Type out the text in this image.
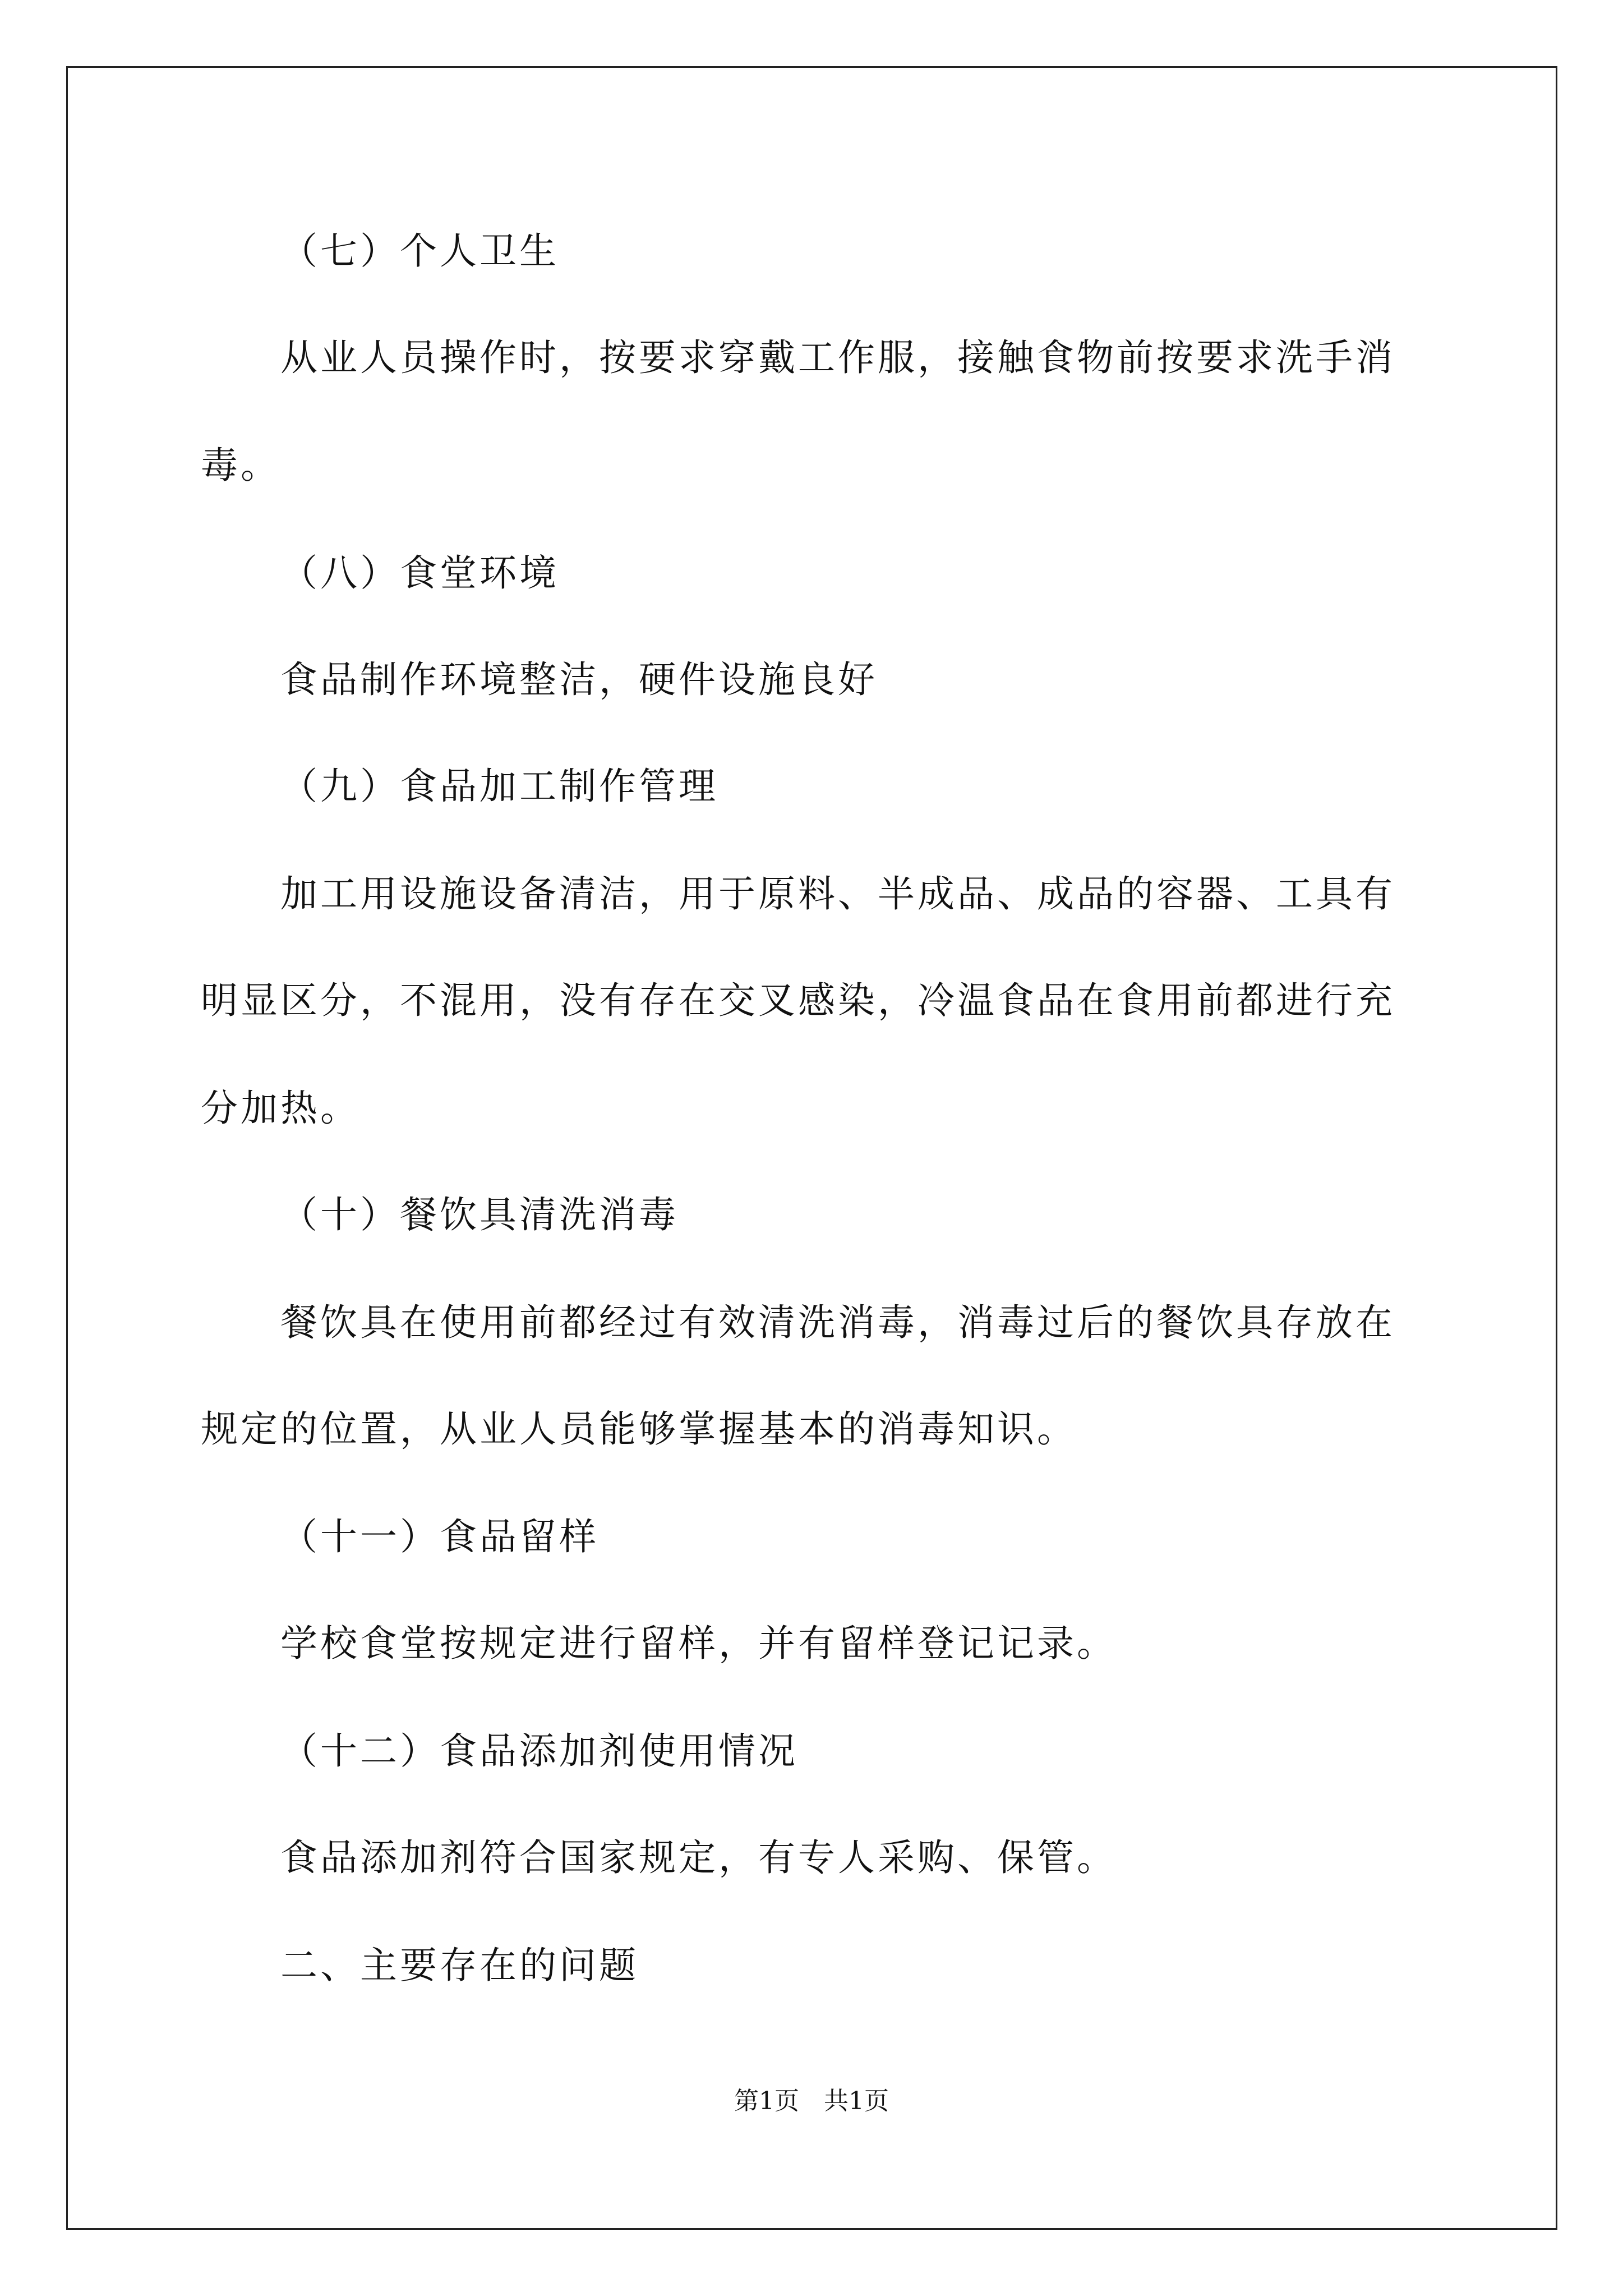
（七）个人卫生
从业人员操作时，按要求穿戴工作服，接触食物前按要求洗手消
毒。
（八）食堂环境
食品制作环境整洁，硬件设施良好
（九）食品加工制作管理
加工用设施设备清洁，用于原料、半成品、成品的容器、工具有
明显区分，不混用，没有存在交叉感染，冷温食品在食用前都进行充
分加热。
（十）餐饮具清洗消毒
餐饮具在使用前都经过有效清洗消毒，消毒过后的餐饮具存放在
规定的位置，从业人员能够掌握基本的消毒知识。
（十一）食品留样
学校食堂按规定进行留样，并有留样登记记录。
（十二）食品添加剂使用情况
食品添加剂符合国家规定，有专人采购、保管。
二、主要存在的问题
第1页 共1页
